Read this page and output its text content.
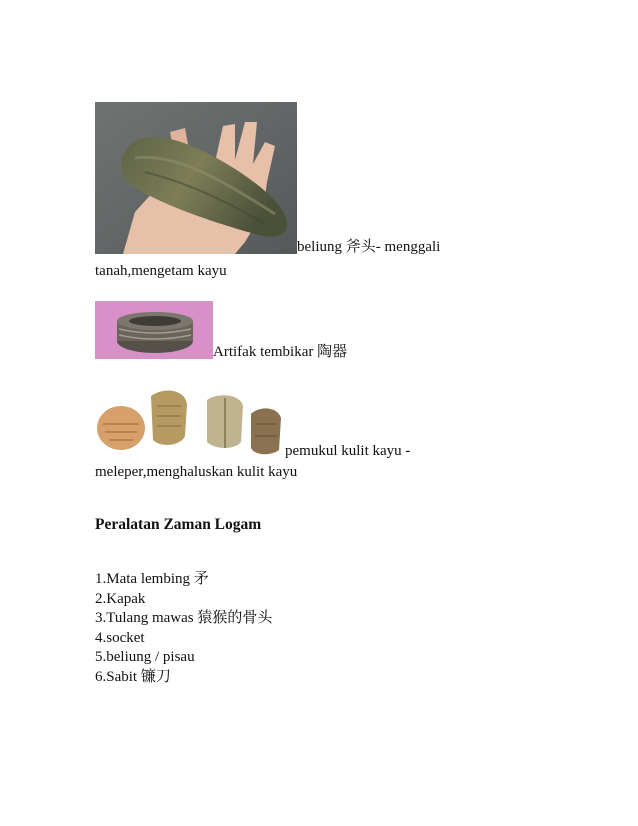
beliung 斧头- menggali
tanah,mengetam kayu
Artifak tembikar 陶器
pemukul kulit kayu -
meleper,menghaluskan kulit kayu
Peralatan Zaman Logam
1.Mata lembing 矛
2.Kapak
3.Tulang mawas 猿猴的骨头
4.socket
5.beliung / pisau
6.Sabit 镰刀
